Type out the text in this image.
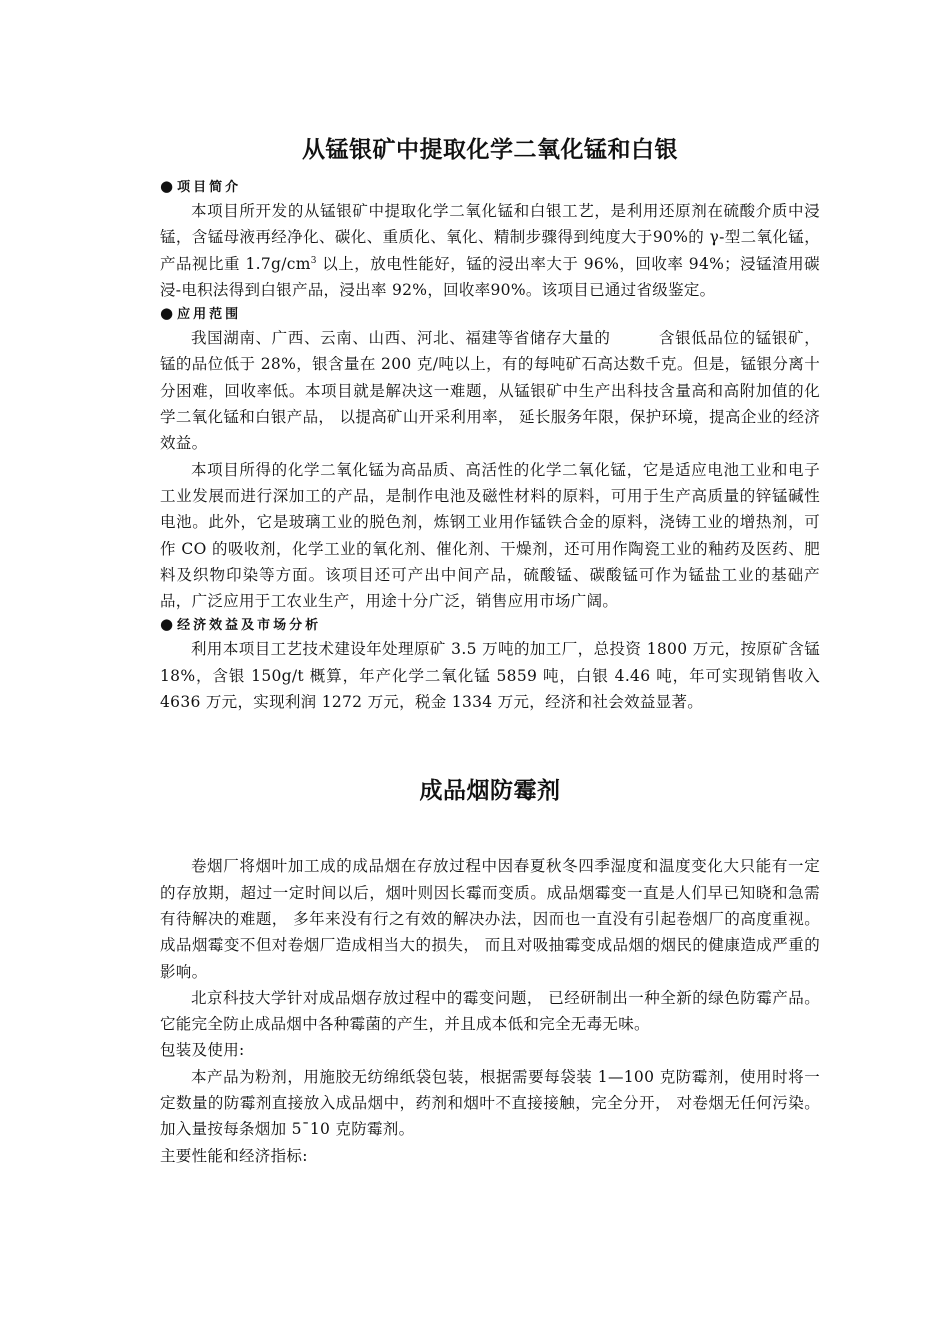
从锰银矿中提取化学二氧化锰和白银
● 项目简介

本项目所开发的从锰银矿中提取化学二氧化锰和白银工艺，是利用还原剂在硫酸介质中浸锰，含锰母液再经净化、碳化、重质化、氧化、精制步骤得到纯度大于90%的 γ-型二氧化锰，产品视比重 $1.7g/cm^3$ 以上，放电性能好，锰的浸出率大于 96%，回收率 94%；浸锰渣用碳浸-电积法得到白银产品，浸出率 92%，回收率90%。该项目已通过省级鉴定。

● 应用范围

我国湖南、广西、云南、山西、河北、福建等省储存大量的　　　含银低品位的锰银矿，锰的品位低于 28%，银含量在 200 克/吨以上，有的每吨矿石高达数千克。但是，锰银分离十分困难，回收率低。本项目就是解决这一难题，从锰银矿中生产出科技含量高和高附加值的化学二氧化锰和白银产品， 以提高矿山开采利用率， 延长服务年限，保护环境，提高企业的经济效益。

本项目所得的化学二氧化锰为高品质、高活性的化学二氧化锰，它是适应电池工业和电子工业发展而进行深加工的产品，是制作电池及磁性材料的原料，可用于生产高质量的锌锰碱性电池。此外，它是玻璃工业的脱色剂，炼钢工业用作锰铁合金的原料，浇铸工业的增热剂，可作 CO 的吸收剂，化学工业的氧化剂、催化剂、干燥剂，还可用作陶瓷工业的釉药及医药、肥料及织物印染等方面。该项目还可产出中间产品，硫酸锰、碳酸锰可作为锰盐工业的基础产品，广泛应用于工农业生产，用途十分广泛，销售应用市场广阔。

● 经济效益及市场分析

利用本项目工艺技术建设年处理原矿 3.5 万吨的加工厂，总投资 1800 万元，按原矿含锰 18%，含银 150g/t 概算，年产化学二氧化锰 5859 吨，白银 4.46 吨，年可实现销售收入 4636 万元，实现利润 1272 万元，税金 1334 万元，经济和社会效益显著。

成品烟防霉剂

卷烟厂将烟叶加工成的成品烟在存放过程中因春夏秋冬四季湿度和温度变化大只能有一定的存放期，超过一定时间以后，烟叶则因长霉而变质。成品烟霉变一直是人们早已知晓和急需有待解决的难题， 多年来没有行之有效的解决办法，因而也一直没有引起卷烟厂的高度重视。成品烟霉变不但对卷烟厂造成相当大的损失， 而且对吸抽霉变成品烟的烟民的健康造成严重的影响。

北京科技大学针对成品烟存放过程中的霉变问题， 已经研制出一种全新的绿色防霉产品。它能完全防止成品烟中各种霉菌的产生，并且成本低和完全无毒无味。

包装及使用:

本产品为粉剂，用施胶无纺绵纸袋包装，根据需要每袋装 1—100 克防霉剂，使用时将一定数量的防霉剂直接放入成品烟中，药剂和烟叶不直接接触，完全分开， 对卷烟无任何污染。加入量按每条烟加 5¯10 克防霉剂。

主要性能和经济指标:
